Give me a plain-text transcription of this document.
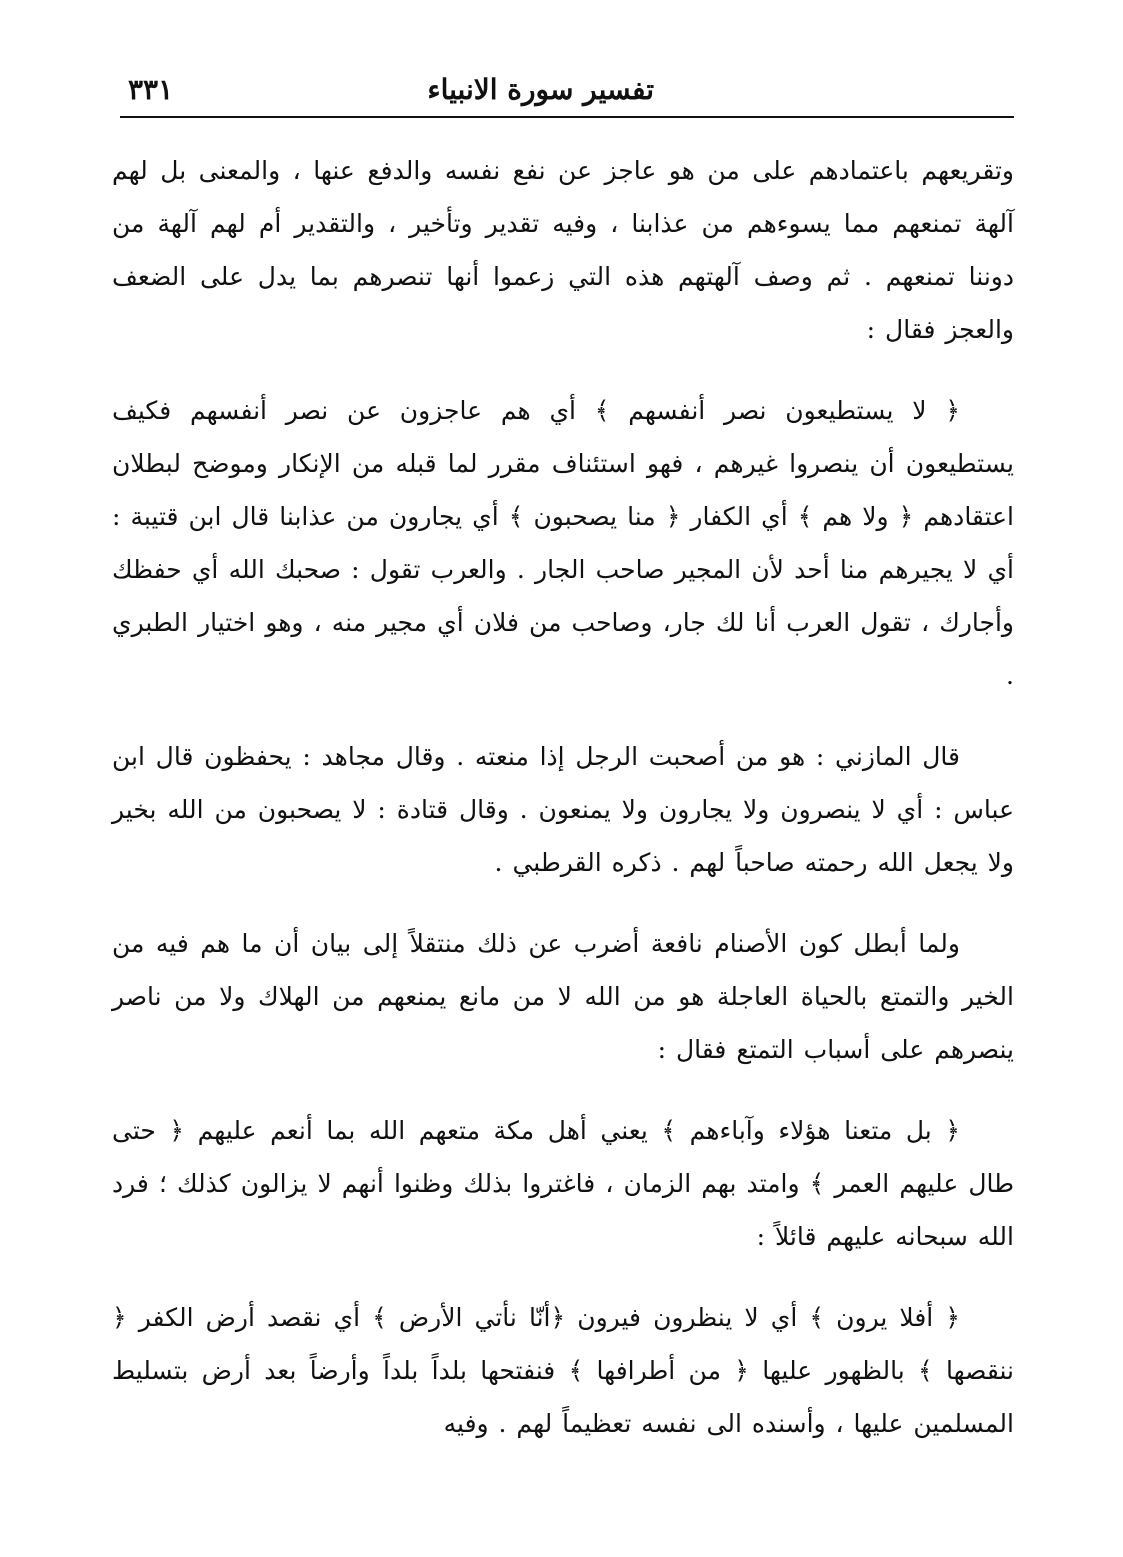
تفسير سورة الانبياء
٣٣١

وتقريعهم باعتمادهم على من هو عاجز عن نفع نفسه والدفع عنها ، والمعنى بل لهم آلهة تمنعهم مما يسوءهم من عذابنا ، وفيه تقدير وتأخير ، والتقدير أم لهم آلهة من دوننا تمنعهم . ثم وصف آلهتهم هذه التي زعموا أنها تنصرهم بما يدل على الضعف والعجز فقال :

﴿ لا يستطيعون نصر أنفسهم ﴾ أي هم عاجزون عن نصر أنفسهم فكيف يستطيعون أن ينصروا غيرهم ، فهو استئناف مقرر لما قبله من الإنكار وموضح لبطلان اعتقادهم ﴿ ولا هم ﴾ أي الكفار ﴿ منا يصحبون ﴾ أي يجارون من عذابنا قال ابن قتيبة : أي لا يجيرهم منا أحد لأن المجير صاحب الجار . والعرب تقول : صحبك الله أي حفظك وأجارك ، تقول العرب أنا لك جار، وصاحب من فلان أي مجير منه ، وهو اختيار الطبري .

قال المازني : هو من أصحبت الرجل إذا منعته . وقال مجاهد : يحفظون قال ابن عباس : أي لا ينصرون ولا يجارون ولا يمنعون . وقال قتادة : لا يصحبون من الله بخير ولا يجعل الله رحمته صاحباً لهم . ذكره القرطبي .

ولما أبطل كون الأصنام نافعة أضرب عن ذلك منتقلاً إلى بيان أن ما هم فيه من الخير والتمتع بالحياة العاجلة هو من الله لا من مانع يمنعهم من الهلاك ولا من ناصر ينصرهم على أسباب التمتع فقال :

﴿ بل متعنا هؤلاء وآباءهم ﴾ يعني أهل مكة متعهم الله بما أنعم عليهم ﴿ حتى طال عليهم العمر ﴾ وامتد بهم الزمان ، فاغتروا بذلك وظنوا أنهم لا يزالون كذلك ؛ فرد الله سبحانه عليهم قائلاً :

﴿ أفلا يرون ﴾ أي لا ينظرون فيرون ﴿أنّا نأتي الأرض ﴾ أي نقصد أرض الكفر ﴿ ننقصها ﴾ بالظهور عليها ﴿ من أطرافها ﴾ فنفتحها بلداً بلداً وأرضاً بعد أرض بتسليط المسلمين عليها ، وأسنده الى نفسه تعظيماً لهم . وفيه
